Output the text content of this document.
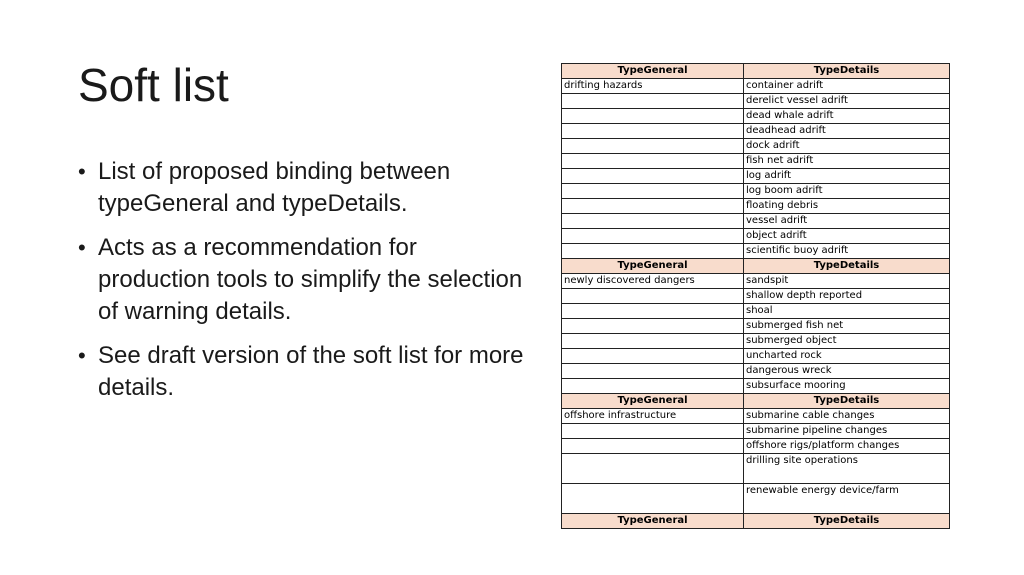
Soft list
• List of proposed binding between typeGeneral and typeDetails.
• Acts as a recommendation for production tools to simplify the selection of warning details.
• See draft version of the soft list for more details.
TypeGeneral	TypeDetails
drifting hazards	container adrift
	derelict vessel adrift
	dead whale adrift
	deadhead adrift
	dock adrift
	fish net adrift
	log adrift
	log boom adrift
	floating debris
	vessel adrift
	object adrift
	scientific buoy adrift
TypeGeneral	TypeDetails
newly discovered dangers	sandspit
	shallow depth reported
	shoal
	submerged fish net
	submerged object
	uncharted rock
	dangerous wreck
	subsurface mooring
TypeGeneral	TypeDetails
offshore infrastructure	submarine cable changes
	submarine pipeline changes
	offshore rigs/platform changes
	drilling site operations
	renewable energy device/farm
TypeGeneral	TypeDetails
